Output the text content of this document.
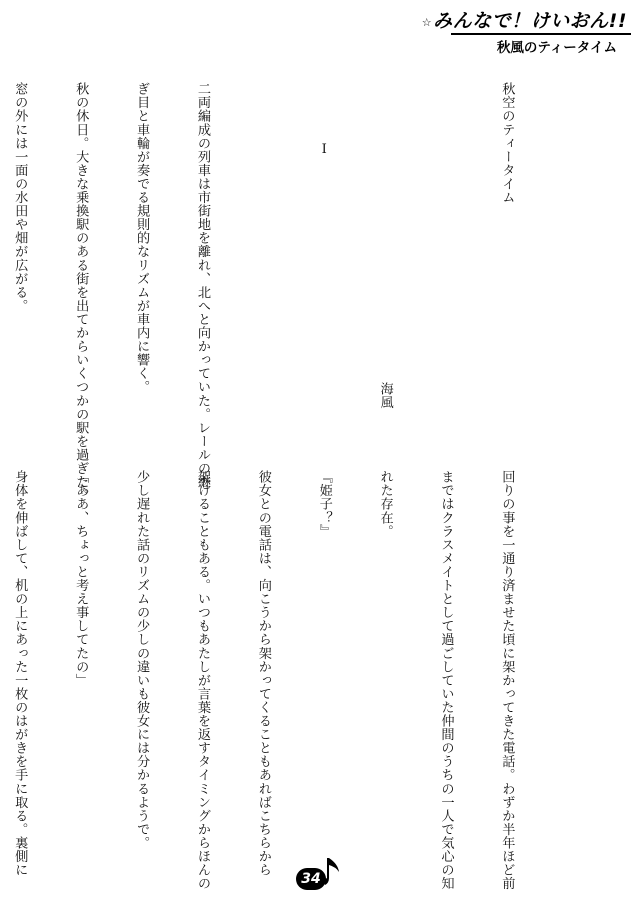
☆みんなで！けいおん!!
秋風のティータイム

秋空のティータイム

海風

Ⅰ

二両編成の列車は市街地を離れ、北へと向かっていた。レールの継

ぎ目と車輪が奏でる規則的なリズムが車内に響く。

秋の休日。大きな乗換駅のある街を出てからいくつかの駅を過ぎた。

窓の外には一面の水田や畑が広がる。

回りの事を一通り済ませた頃に架かってきた電話。わずか半年ほど前

まではクラスメイトとして過ごしていた仲間のうちの一人で気心の知

れた存在。

『姫子？』

彼女との電話は、向こうから架かってくることもあればこちらから

架けることもある。いつもあたしが言葉を返すタイミングからほんの

少し遅れた話のリズムの少しの違いも彼女には分かるようで。

「ああ、ちょっと考え事してたの」

身体を伸ばして、机の上にあった一枚のはがきを手に取る。裏側に

34
